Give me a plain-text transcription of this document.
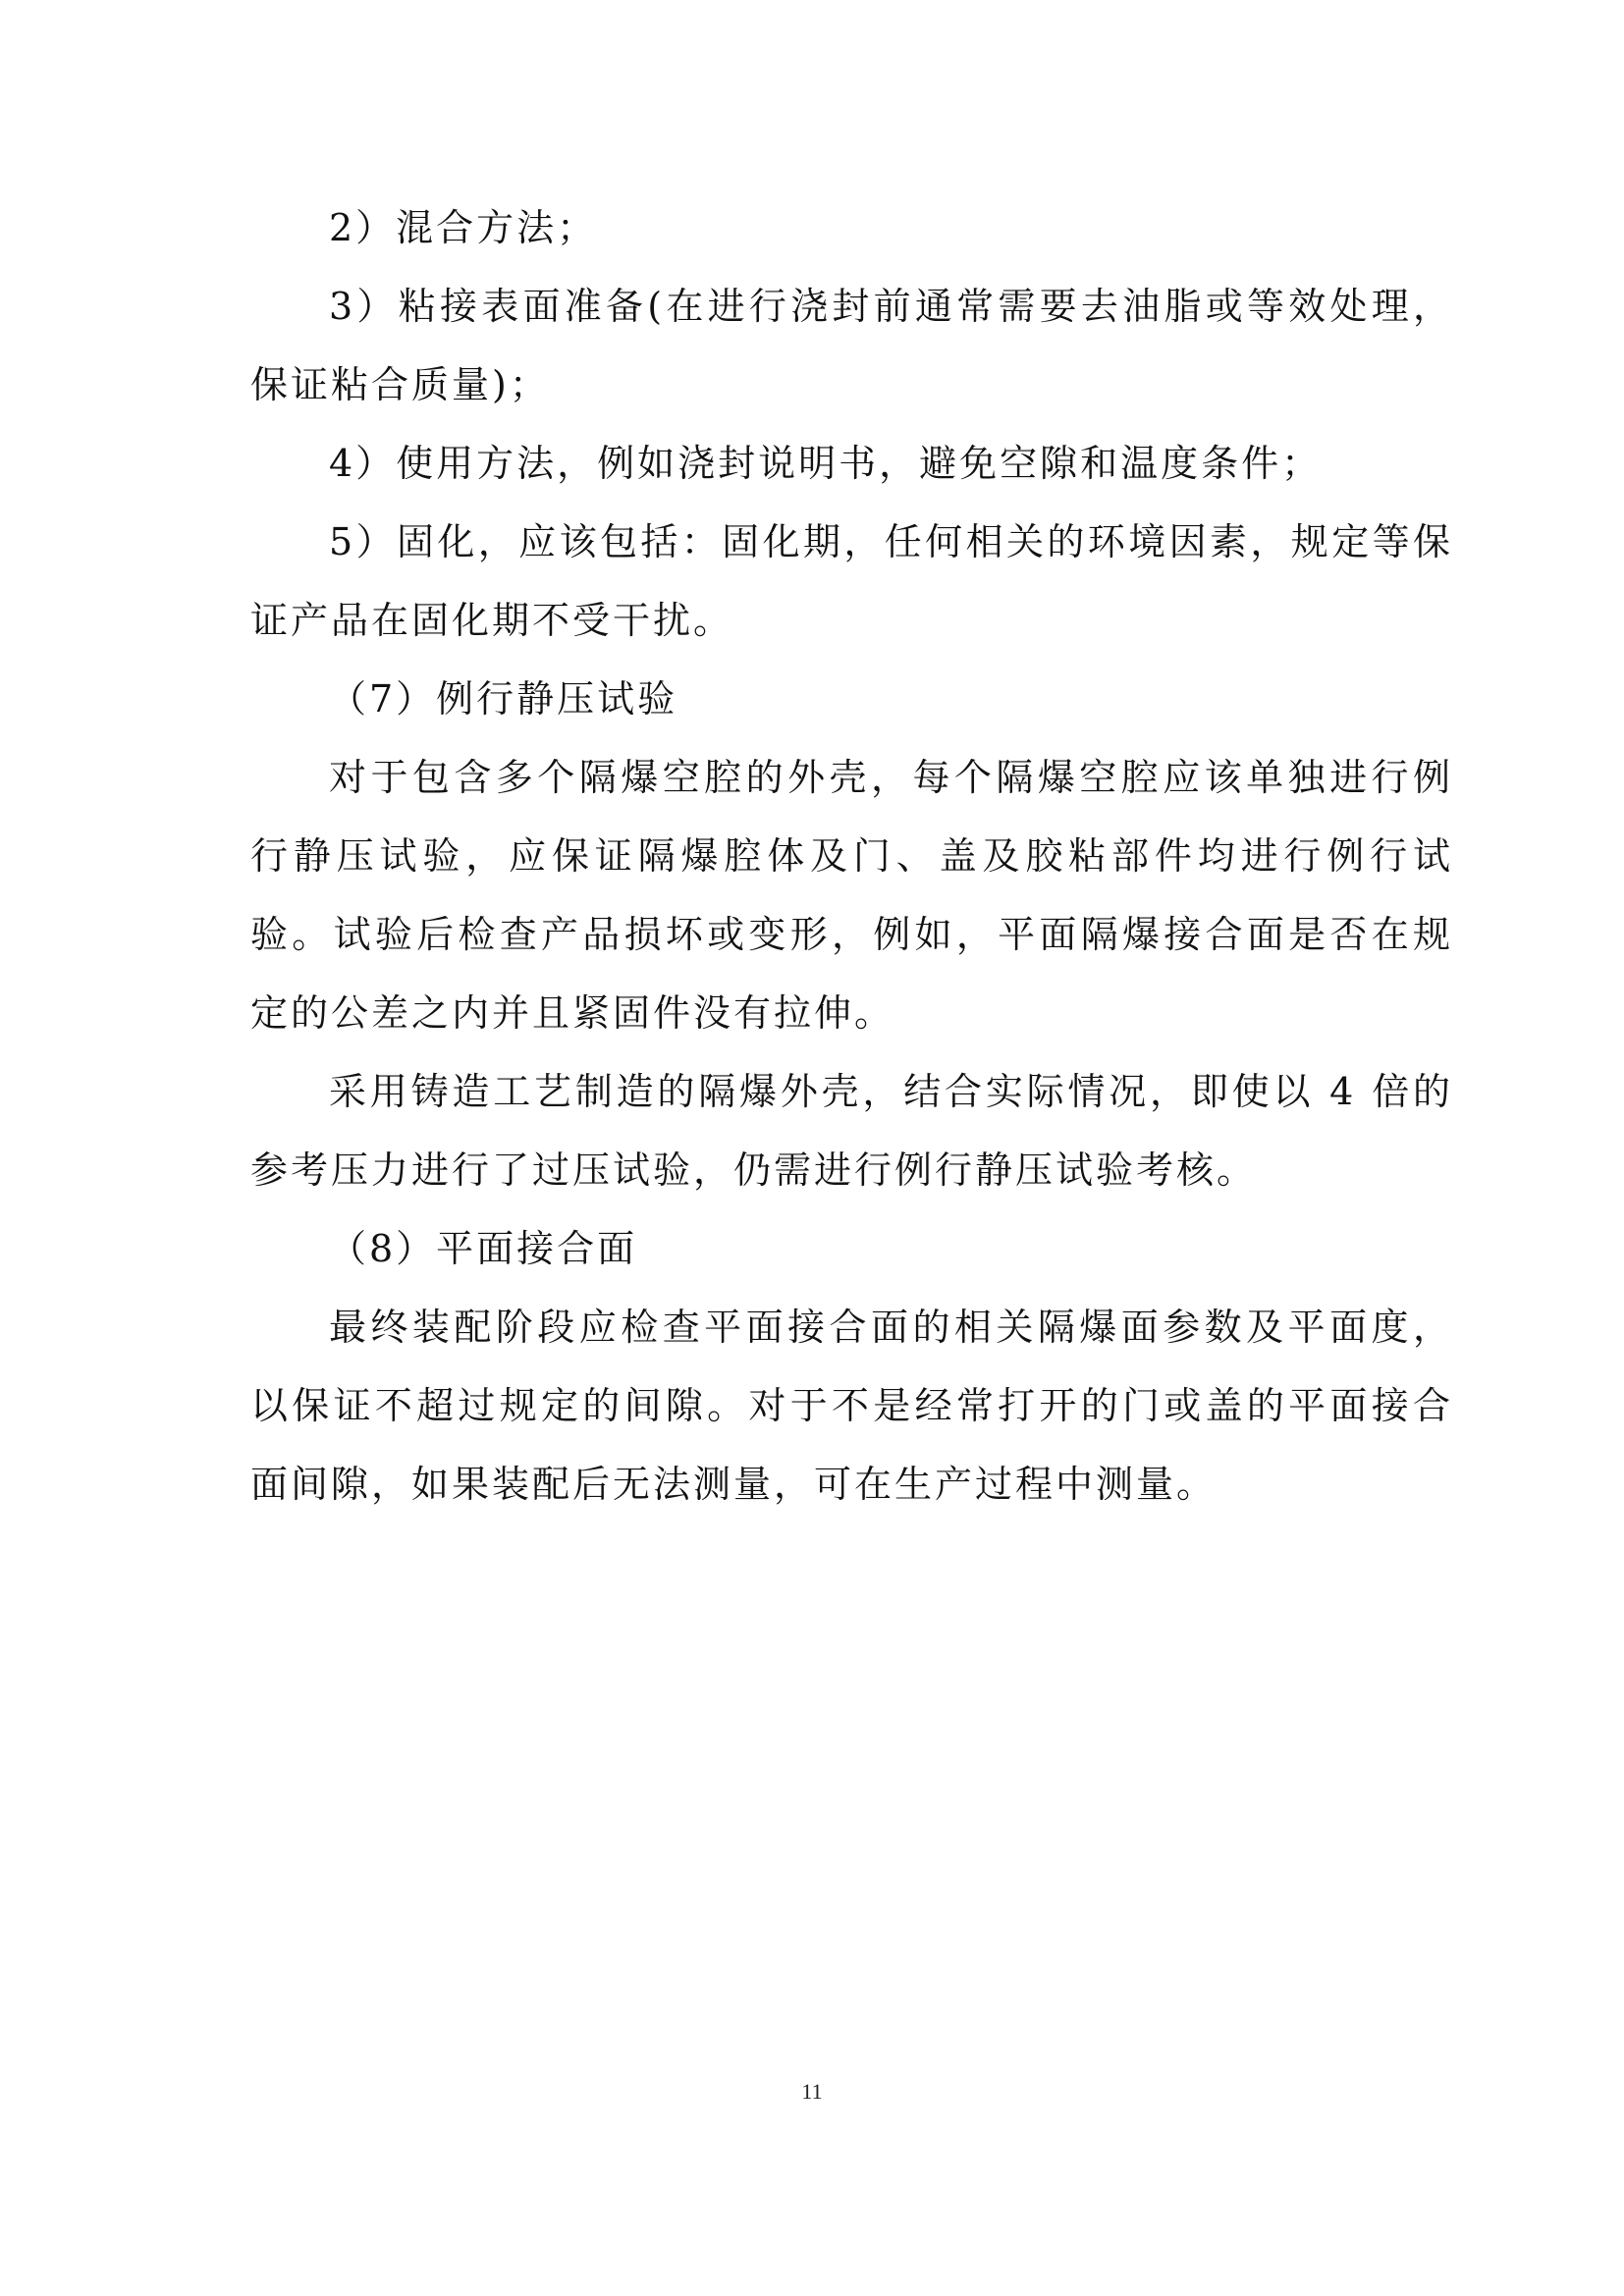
2）混合方法；

3）粘接表面准备(在进行浇封前通常需要去油脂或等效处理，保证粘合质量)；

4）使用方法，例如浇封说明书，避免空隙和温度条件；

5）固化，应该包括：固化期，任何相关的环境因素，规定等保证产品在固化期不受干扰。

（7）例行静压试验

对于包含多个隔爆空腔的外壳，每个隔爆空腔应该单独进行例行静压试验，应保证隔爆腔体及门、盖及胶粘部件均进行例行试验。试验后检查产品损坏或变形，例如，平面隔爆接合面是否在规定的公差之内并且紧固件没有拉伸。

采用铸造工艺制造的隔爆外壳，结合实际情况，即使以 4 倍的参考压力进行了过压试验，仍需进行例行静压试验考核。

（8）平面接合面

最终装配阶段应检查平面接合面的相关隔爆面参数及平面度，以保证不超过规定的间隙。对于不是经常打开的门或盖的平面接合面间隙，如果装配后无法测量，可在生产过程中测量。

11
